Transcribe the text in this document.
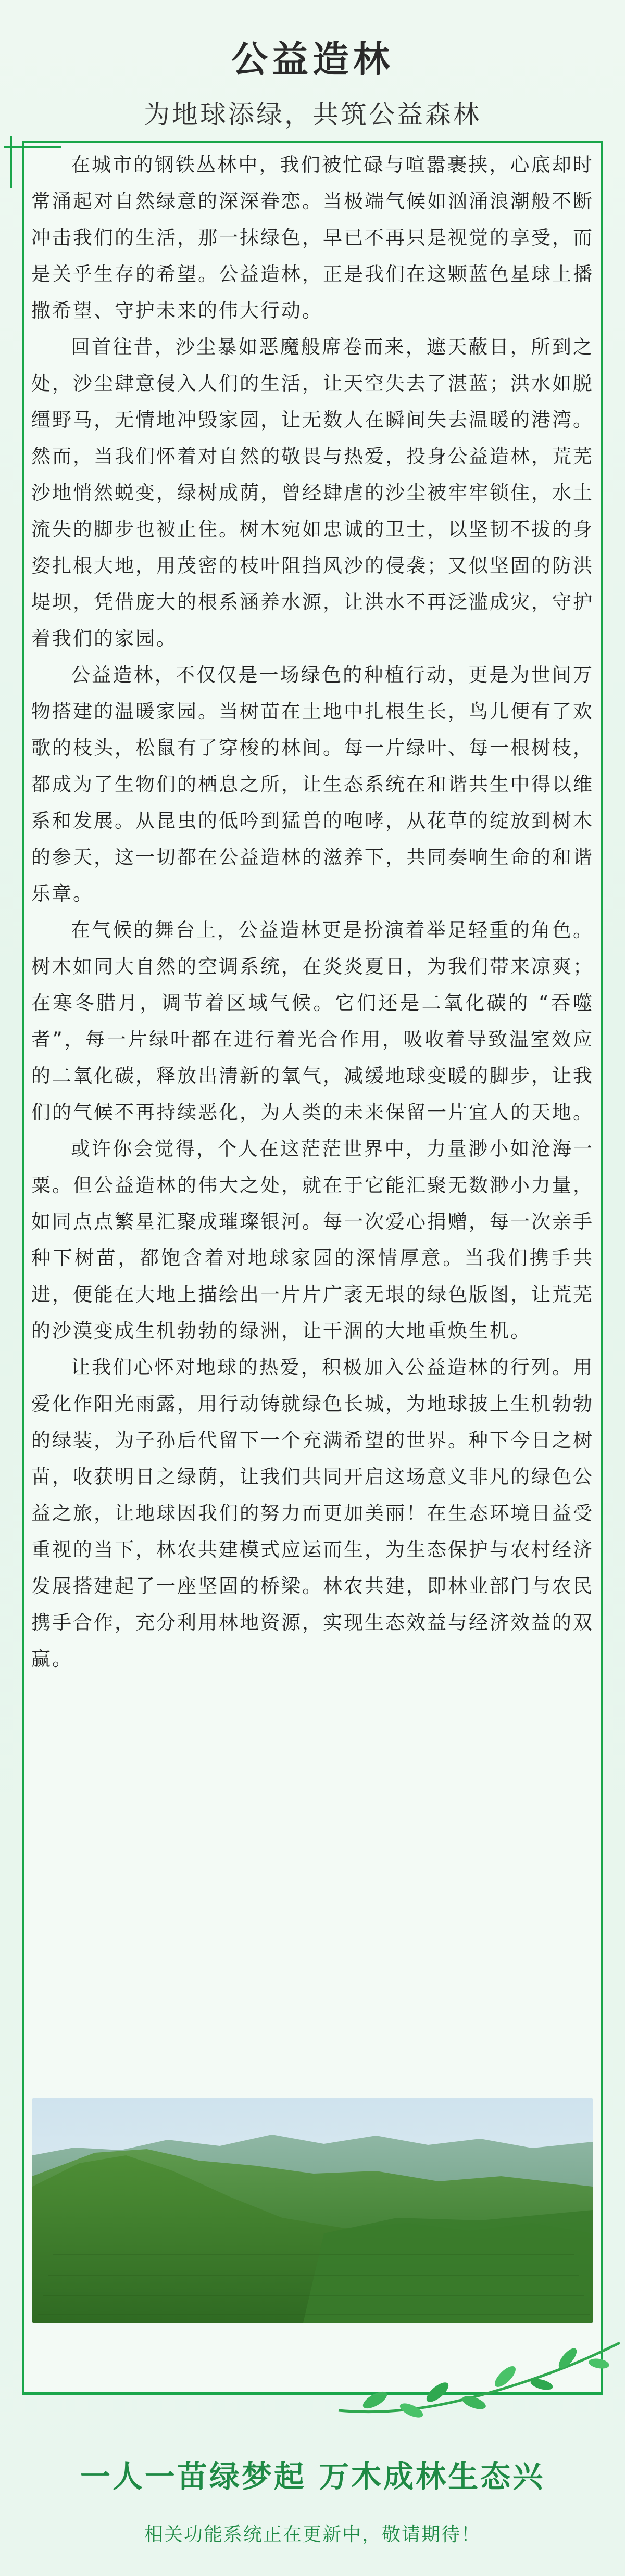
公益造林
为地球添绿，共筑公益森林

在城市的钢铁丛林中，我们被忙碌与喧嚣裹挟，心底却时常涌起对自然绿意的深深眷恋。当极端气候如汹涌浪潮般不断冲击我们的生活，那一抹绿色，早已不再只是视觉的享受，而是关乎生存的希望。公益造林，正是我们在这颗蓝色星球上播撒希望、守护未来的伟大行动。

回首往昔，沙尘暴如恶魔般席卷而来，遮天蔽日，所到之处，沙尘肆意侵入人们的生活，让天空失去了湛蓝；洪水如脱缰野马，无情地冲毁家园，让无数人在瞬间失去温暖的港湾。然而，当我们怀着对自然的敬畏与热爱，投身公益造林，荒芜沙地悄然蜕变，绿树成荫，曾经肆虐的沙尘被牢牢锁住，水土流失的脚步也被止住。树木宛如忠诚的卫士，以坚韧不拔的身姿扎根大地，用茂密的枝叶阻挡风沙的侵袭；又似坚固的防洪堤坝，凭借庞大的根系涵养水源，让洪水不再泛滥成灾，守护着我们的家园。

公益造林，不仅仅是一场绿色的种植行动，更是为世间万物搭建的温暖家园。当树苗在土地中扎根生长，鸟儿便有了欢歌的枝头，松鼠有了穿梭的林间。每一片绿叶、每一根树枝，都成为了生物们的栖息之所，让生态系统在和谐共生中得以维系和发展。从昆虫的低吟到猛兽的咆哮，从花草的绽放到树木的参天，这一切都在公益造林的滋养下，共同奏响生命的和谐乐章。

在气候的舞台上，公益造林更是扮演着举足轻重的角色。树木如同大自然的空调系统，在炎炎夏日，为我们带来凉爽；在寒冬腊月，调节着区域气候。它们还是二氧化碳的 “吞噬者”，每一片绿叶都在进行着光合作用，吸收着导致温室效应的二氧化碳，释放出清新的氧气，减缓地球变暖的脚步，让我们的气候不再持续恶化，为人类的未来保留一片宜人的天地。

或许你会觉得，个人在这茫茫世界中，力量渺小如沧海一粟。但公益造林的伟大之处，就在于它能汇聚无数渺小力量，如同点点繁星汇聚成璀璨银河。每一次爱心捐赠，每一次亲手种下树苗，都饱含着对地球家园的深情厚意。当我们携手共进，便能在大地上描绘出一片片广袤无垠的绿色版图，让荒芜的沙漠变成生机勃勃的绿洲，让干涸的大地重焕生机。

让我们心怀对地球的热爱，积极加入公益造林的行列。用爱化作阳光雨露，用行动铸就绿色长城，为地球披上生机勃勃的绿装，为子孙后代留下一个充满希望的世界。种下今日之树苗，收获明日之绿荫，让我们共同开启这场意义非凡的绿色公益之旅，让地球因我们的努力而更加美丽！在生态环境日益受重视的当下，林农共建模式应运而生，为生态保护与农村经济发展搭建起了一座坚固的桥梁。林农共建，即林业部门与农民携手合作，充分利用林地资源，实现生态效益与经济效益的双赢。

一人一苗绿梦起 万木成林生态兴
相关功能系统正在更新中，敬请期待！
